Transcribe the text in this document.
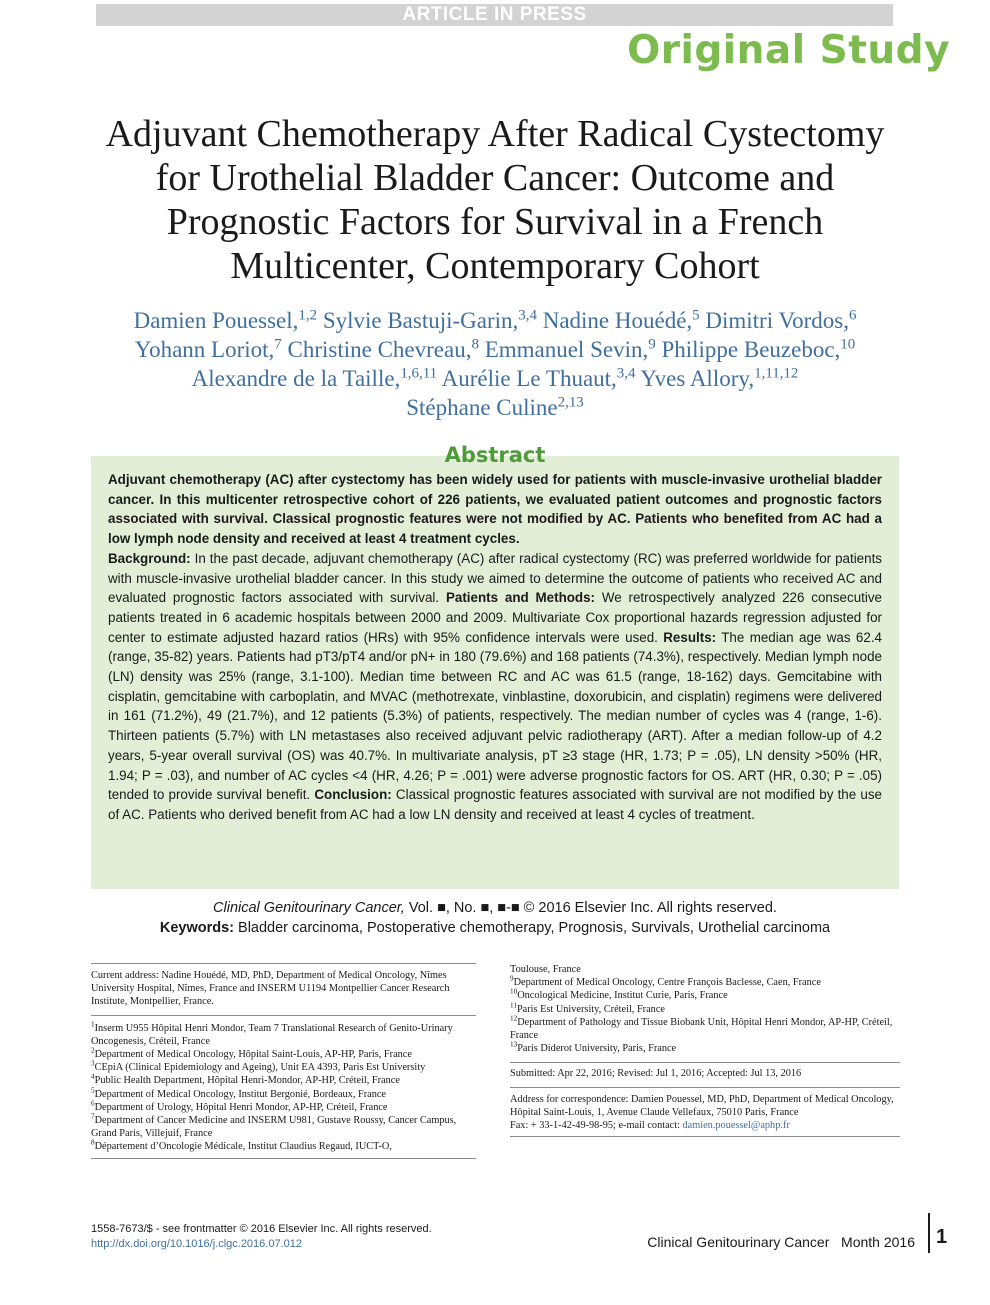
ARTICLE IN PRESS
Original Study
Adjuvant Chemotherapy After Radical Cystectomy
for Urothelial Bladder Cancer: Outcome and
Prognostic Factors for Survival in a French
Multicenter, Contemporary Cohort
Damien Pouessel,$^{1,2}$ Sylvie Bastuji-Garin,$^{3,4}$ Nadine Houédé,$^5$ Dimitri Vordos,$^6$
Yohann Loriot,$^7$ Christine Chevreau,$^8$ Emmanuel Sevin,$^9$ Philippe Beuzeboc,$^{10}$
Alexandre de la Taille,$^{1,6,11}$ Aurélie Le Thuaut,$^{3,4}$ Yves Allory,$^{1,11,12}$
Stéphane Culine$^{2,13}$

Adjuvant chemotherapy (AC) after cystectomy has been widely used for patients with muscle-invasive urothelial bladder cancer. In this multicenter retrospective cohort of 226 patients, we evaluated patient outcomes and prognostic factors associated with survival. Classical prognostic features were not modified by AC. Patients who benefited from AC had a low lymph node density and received at least 4 treatment cycles.

Background: In the past decade, adjuvant chemotherapy (AC) after radical cystectomy (RC) was preferred worldwide for patients with muscle-invasive urothelial bladder cancer. In this study we aimed to determine the outcome of patients who received AC and evaluated prognostic factors associated with survival. Patients and Methods: We retrospectively analyzed 226 consecutive patients treated in 6 academic hospitals between 2000 and 2009. Multivariate Cox proportional hazards regression adjusted for center to estimate adjusted hazard ratios (HRs) with 95% confidence intervals were used. Results: The median age was 62.4 (range, 35-82) years. Patients had pT3/pT4 and/or pN+ in 180 (79.6%) and 168 patients (74.3%), respectively. Median lymph node (LN) density was 25% (range, 3.1-100). Median time between RC and AC was 61.5 (range, 18-162) days. Gemcitabine with cisplatin, gemcitabine with carboplatin, and MVAC (methotrexate, vinblastine, doxorubicin, and cisplatin) regimens were delivered in 161 (71.2%), 49 (21.7%), and 12 patients (5.3%) of patients, respectively. The median number of cycles was 4 (range, 1-6). Thirteen patients (5.7%) with LN metastases also received adjuvant pelvic radiotherapy (ART). After a median follow-up of 4.2 years, 5-year overall survival (OS) was 40.7%. In multivariate analysis, pT ≥3 stage (HR, 1.73; P = .05), LN density >50% (HR, 1.94; P = .03), and number of AC cycles <4 (HR, 4.26; P = .001) were adverse prognostic factors for OS. ART (HR, 0.30; P = .05) tended to provide survival benefit. Conclusion: Classical prognostic features associated with survival are not modified by the use of AC. Patients who derived benefit from AC had a low LN density and received at least 4 cycles of treatment.

Abstract
Clinical Genitourinary Cancer, Vol. ■, No. ■, ■-■ © 2016 Elsevier Inc. All rights reserved.
Keywords: Bladder carcinoma, Postoperative chemotherapy, Prognosis, Survivals, Urothelial carcinoma

Current address: Nadine Houédé, MD, PhD, Department of Medical Oncology, Nîmes University Hospital, Nîmes, France and INSERM U1194 Montpellier Cancer Research Institute, Montpellier, France.

$^1$Inserm U955 Hôpital Henri Mondor, Team 7 Translational Research of Genito-Urinary Oncogenesis, Créteil, France

$^2$Department of Medical Oncology, Hôpital Saint-Louis, AP-HP, Paris, France

$^3$CEpiA (Clinical Epidemiology and Ageing), Unit EA 4393, Paris Est University

$^4$Public Health Department, Hôpital Henri-Mondor, AP-HP, Créteil, France

$^5$Department of Medical Oncology, Institut Bergonié, Bordeaux, France

$^6$Department of Urology, Hôpital Henri Mondor, AP-HP, Créteil, France

$^7$Department of Cancer Medicine and INSERM U981, Gustave Roussy, Cancer Campus, Grand Paris, Villejuif, France

$^8$Département d’Oncologie Médicale, Institut Claudius Regaud, IUCT-O,

Toulouse, France

$^9$Department of Medical Oncology, Centre François Baclesse, Caen, France

$^{10}$Oncological Medicine, Institut Curie, Paris, France

$^{11}$Paris Est University, Créteil, France

$^{12}$Department of Pathology and Tissue Biobank Unit, Hôpital Henri Mondor, AP-HP, Créteil, France

$^{13}$Paris Diderot University, Paris, France

Submitted: Apr 22, 2016; Revised: Jul 1, 2016; Accepted: Jul 13, 2016

Address for correspondence: Damien Pouessel, MD, PhD, Department of Medical Oncology, Hôpital Saint-Louis, 1, Avenue Claude Vellefaux, 75010 Paris, France

Fax: + 33-1-42-49-98-95; e-mail contact: damien.pouessel@aphp.fr

1558-7673/$ - see frontmatter © 2016 Elsevier Inc. All rights reserved.
http://dx.doi.org/10.1016/j.clgc.2016.07.012	Clinical Genitourinary Cancer Month 2016 1
